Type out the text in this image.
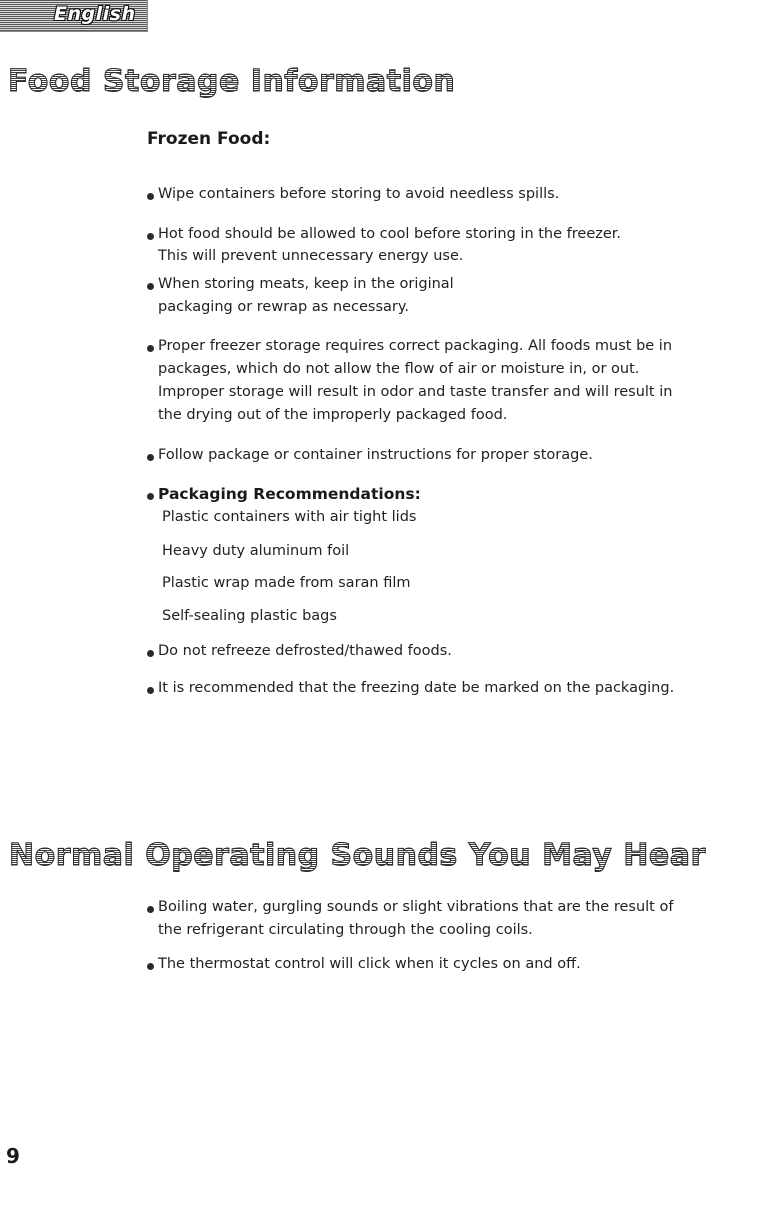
English
Food Storage Information
Frozen Food:

Wipe containers before storing to avoid needless spills.

Hot food should be allowed to cool before storing in the freezer.

This will prevent unnecessary energy use.

When storing meats, keep in the original

packaging or rewrap as necessary.

Proper freezer storage requires correct packaging. All foods must be in

packages, which do not allow the flow of air or moisture in, or out.

Improper storage will result in odor and taste transfer and will result in

the drying out of the improperly packaged food.

Follow package or container instructions for proper storage.

Packaging Recommendations:

Plastic containers with air tight lids

Heavy duty aluminum foil

Plastic wrap made from saran film

Self-sealing plastic bags

Do not refreeze defrosted/thawed foods.

It is recommended that the freezing date be marked on the packaging.

Normal Operating Sounds You May Hear

Boiling water, gurgling sounds or slight vibrations that are the result of

the refrigerant circulating through the cooling coils.

The thermostat control will click when it cycles on and off.

9
